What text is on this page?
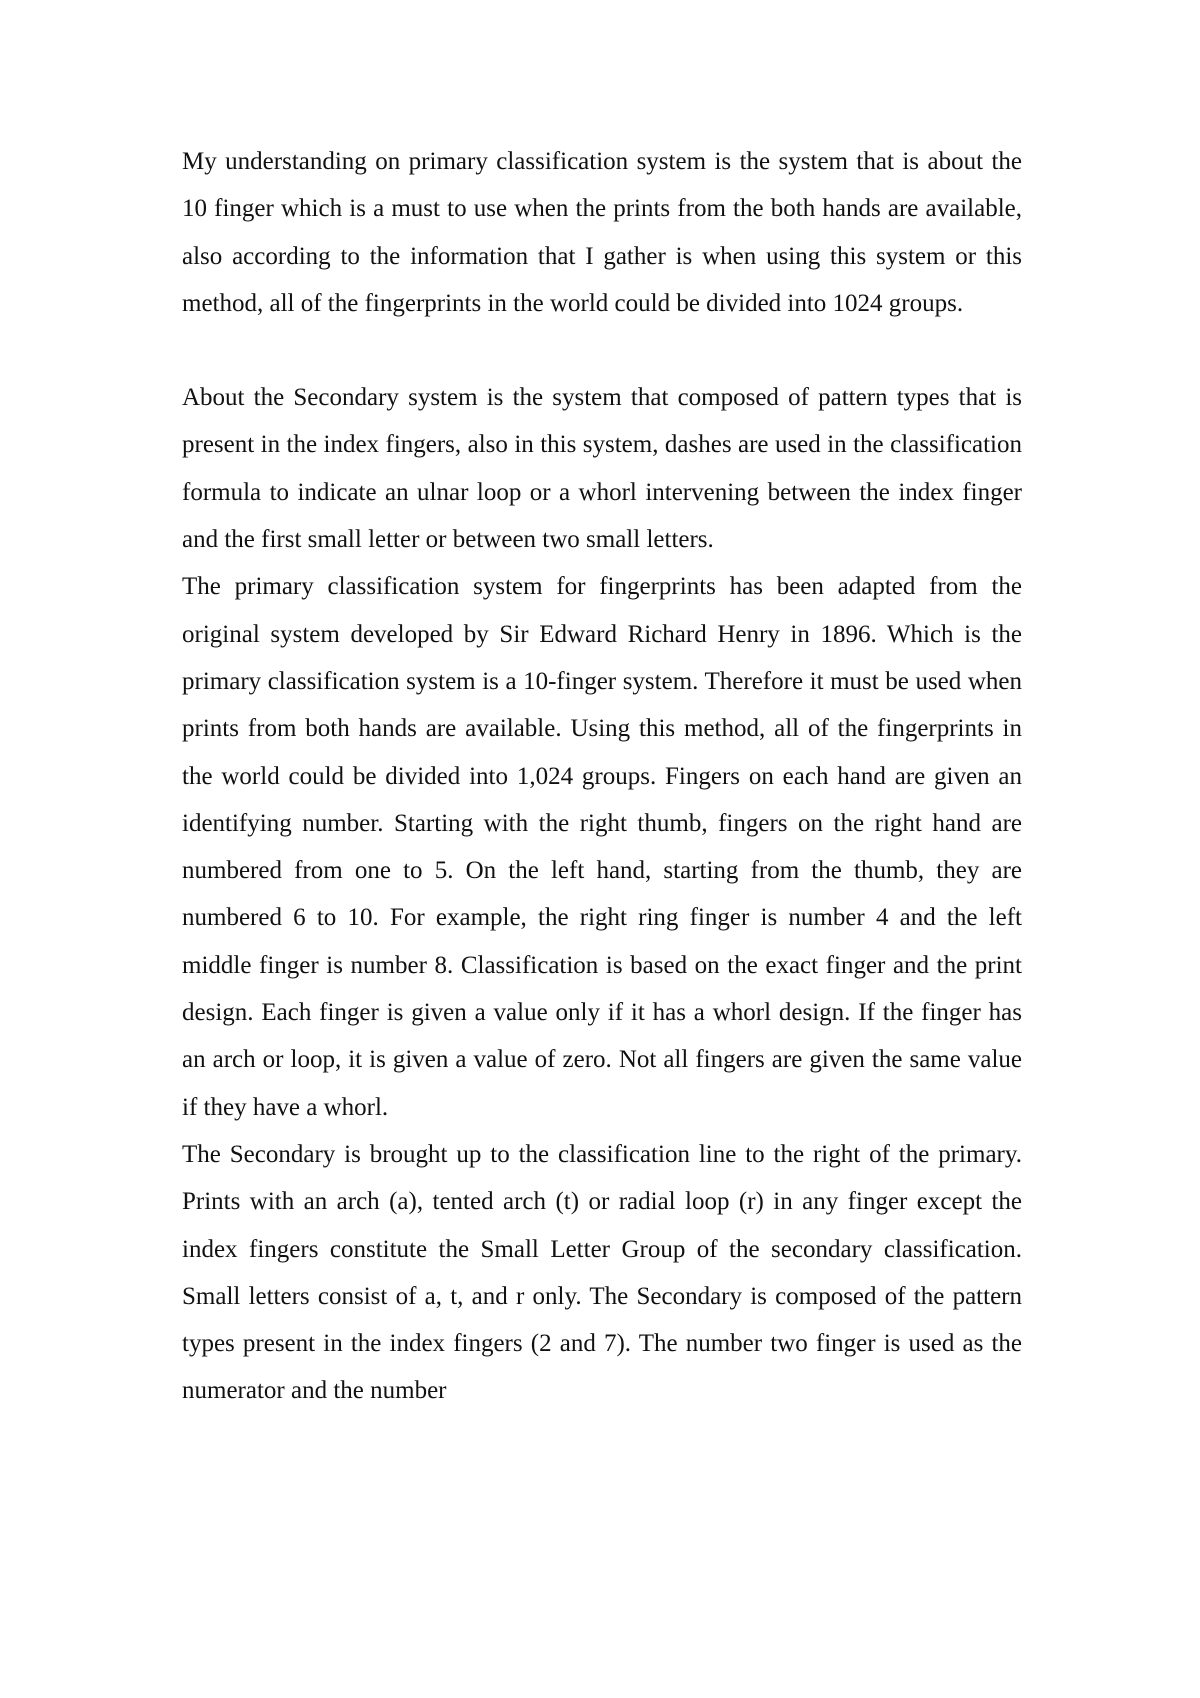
My understanding on primary classification system is the system that is about the 10 finger which is a must to use when the prints from the both hands are available, also according to the information that I gather is when using this system or this method, all of the fingerprints in the world could be divided into 1024 groups.

About the Secondary system is the system that composed of pattern types that is present in the index fingers, also in this system, dashes are used in the classification formula to indicate an ulnar loop or a whorl intervening between the index finger and the first small letter or between two small letters.

The primary classification system for fingerprints has been adapted from the original system developed by Sir Edward Richard Henry in 1896. Which is the primary classification system is a 10-finger system. Therefore it must be used when prints from both hands are available. Using this method, all of the fingerprints in the world could be divided into 1,024 groups. Fingers on each hand are given an identifying number. Starting with the right thumb, fingers on the right hand are numbered from one to 5. On the left hand, starting from the thumb, they are numbered 6 to 10. For example, the right ring finger is number 4 and the left middle finger is number 8. Classification is based on the exact finger and the print design. Each finger is given a value only if it has a whorl design. If the finger has an arch or loop, it is given a value of zero. Not all fingers are given the same value if they have a whorl.

The Secondary is brought up to the classification line to the right of the primary. Prints with an arch (a), tented arch (t) or radial loop (r) in any finger except the index fingers constitute the Small Letter Group of the secondary classification. Small letters consist of a, t, and r only. The Secondary is composed of the pattern types present in the index fingers (2 and 7). The number two finger is used as the numerator and the number
